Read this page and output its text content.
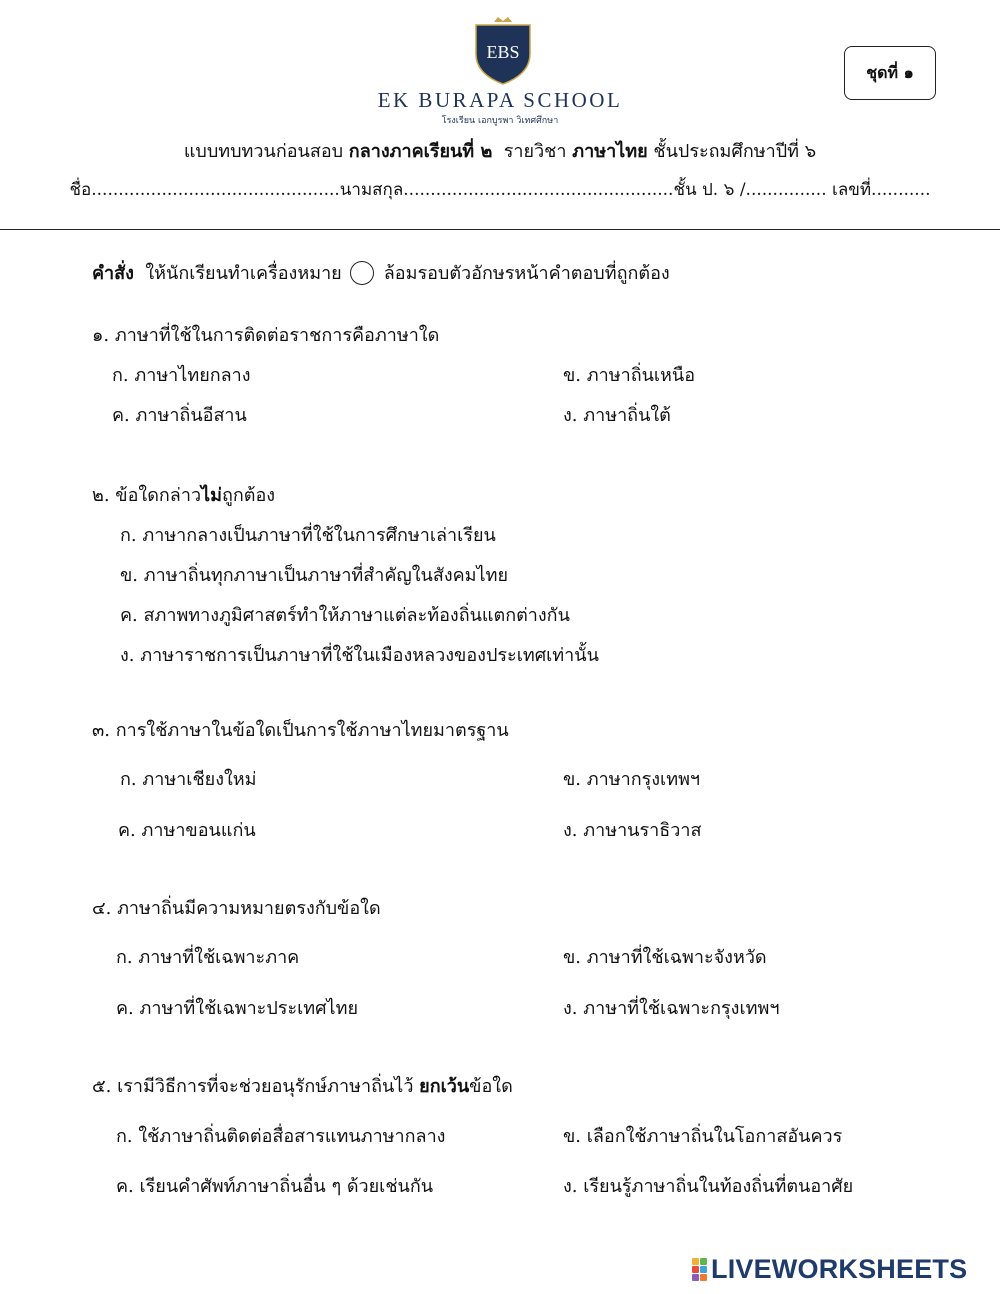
EBS
EK BURAPA SCHOOL
โรงเรียน เอกบูรพา วิเทศศึกษา
ชุดที่ ๑
แบบทบทวนก่อนสอบ กลางภาคเรียนที่ ๒  รายวิชา ภาษาไทย ชั้นประถมศึกษาปีที่ ๖
ชื่อ..............................................นามสกุล..................................................ชั้น ป. ๖ /............... เลขที่...........
คำสั่ง ให้นักเรียนทำเครื่องหมาย ○ ล้อมรอบตัวอักษรหน้าคำตอบที่ถูกต้อง
๑. ภาษาที่ใช้ในการติดต่อราชการคือภาษาใด
ก. ภาษาไทยกลาง	ข. ภาษาถิ่นเหนือ
ค. ภาษาถิ่นอีสาน	ง. ภาษาถิ่นใต้
๒. ข้อใดกล่าวไม่ถูกต้อง
ก. ภาษากลางเป็นภาษาที่ใช้ในการศึกษาเล่าเรียน
ข. ภาษาถิ่นทุกภาษาเป็นภาษาที่สำคัญในสังคมไทย
ค. สภาพทางภูมิศาสตร์ทำให้ภาษาแต่ละท้องถิ่นแตกต่างกัน
ง. ภาษาราชการเป็นภาษาที่ใช้ในเมืองหลวงของประเทศเท่านั้น
๓. การใช้ภาษาในข้อใดเป็นการใช้ภาษาไทยมาตรฐาน
ก. ภาษาเชียงใหม่	ข. ภาษากรุงเทพฯ
ค. ภาษาขอนแก่น	ง. ภาษานราธิวาส
๔. ภาษาถิ่นมีความหมายตรงกับข้อใด
ก. ภาษาที่ใช้เฉพาะภาค	ข. ภาษาที่ใช้เฉพาะจังหวัด
ค. ภาษาที่ใช้เฉพาะประเทศไทย	ง. ภาษาที่ใช้เฉพาะกรุงเทพฯ
๕. เรามีวิธีการที่จะช่วยอนุรักษ์ภาษาถิ่นไว้ ยกเว้นข้อใด
ก. ใช้ภาษาถิ่นติดต่อสื่อสารแทนภาษากลาง	ข. เลือกใช้ภาษาถิ่นในโอกาสอันควร
ค. เรียนคำศัพท์ภาษาถิ่นอื่น ๆ ด้วยเช่นกัน	ง. เรียนรู้ภาษาถิ่นในท้องถิ่นที่ตนอาศัย
LIVEWORKSHEETS
